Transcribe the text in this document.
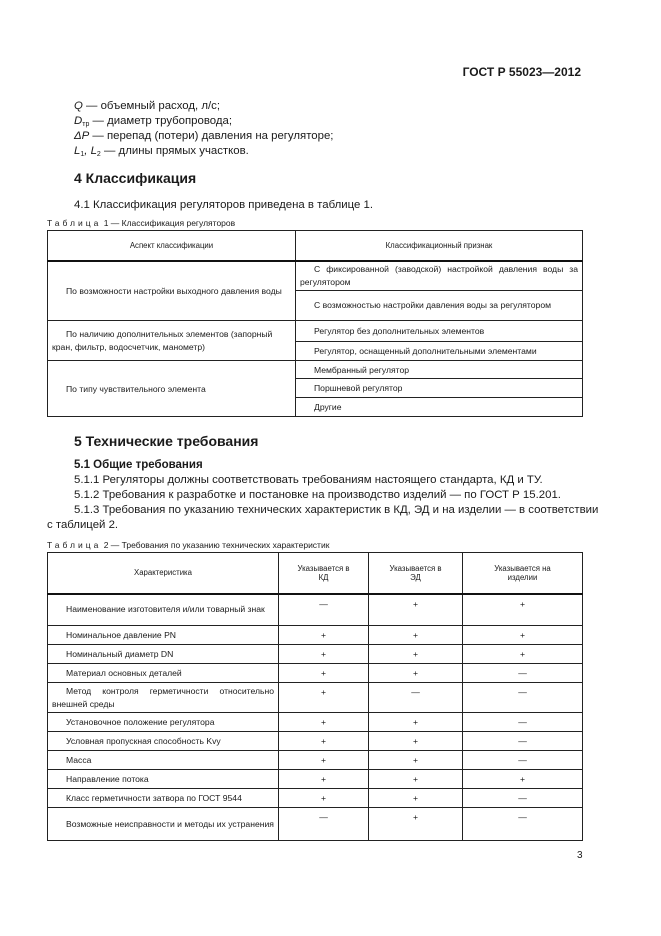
ГОСТ Р 55023—2012
Q — объемный расход, л/с;
$D_{тр}$ — диаметр трубопровода;
ΔP — перепад (потери) давления на регуляторе;
$L_1$, $L_2$ — длины прямых участков.
4 Классификация
4.1 Классификация регуляторов приведена в таблице 1.
Таблица 1 — Классификация регуляторов
Аспект классификации	Классификационный признак
По возможности настройки выходного давления воды	С фиксированной (заводской) настройкой давления воды за регулятором
	С возможностью настройки давления воды за регулятором
По наличию дополнительных элементов (запорный кран, фильтр, водосчетчик, манометр)	Регулятор без дополнительных элементов
	Регулятор, оснащенный дополнительными элементами
По типу чувствительного элемента	Мембранный регулятор
	Поршневой регулятор
	Другие
5 Технические требования
5.1 Общие требования
5.1.1 Регуляторы должны соответствовать требованиям настоящего стандарта, КД и ТУ.
5.1.2 Требования к разработке и постановке на производство изделий — по ГОСТ Р 15.201.
5.1.3 Требования по указанию технических характеристик в КД, ЭД и на изделии — в соответствии
с таблицей 2.
Таблица 2 — Требования по указанию технических характеристик
Характеристика	Указывается в КД	Указывается в ЭД	Указывается на изделии
Наименование изготовителя и/или товарный знак	—	+	+
Номинальное давление PN	+	+	+
Номинальный диаметр DN	+	+	+
Материал основных деталей	+	+	—
Метод контроля герметичности относительно внешней среды	+	—	—
Установочное положение регулятора	+	+	—
Условная пропускная способность Kvy	+	+	—
Масса	+	+	—
Направление потока	+	+	+
Класс герметичности затвора по ГОСТ 9544	+	+	—
Возможные неисправности и методы их устранения	—	+	—
3
